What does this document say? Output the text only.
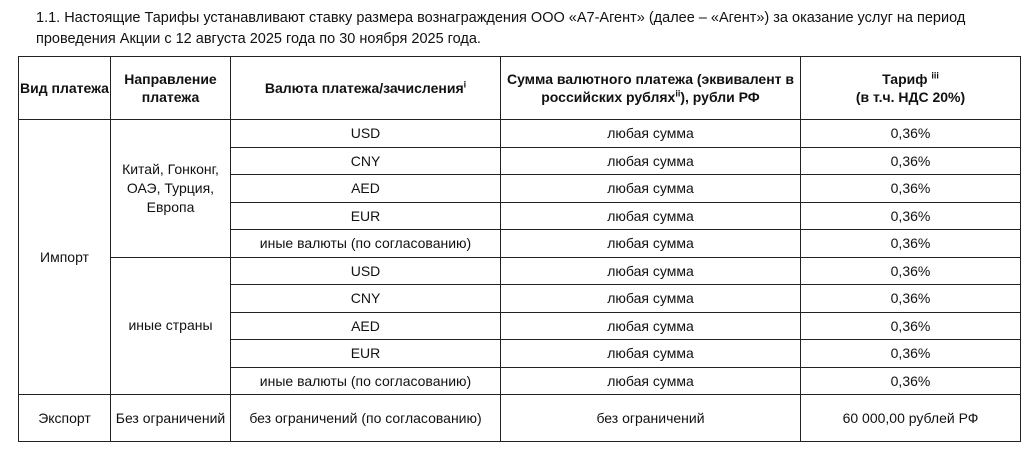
1.1. Настоящие Тарифы устанавливают ставку размера вознаграждения ООО «А7-Агент» (далее – «Агент») за оказание услуг на период проведения Акции с 12 августа 2025 года по 30 ноября 2025 года.
Вид платежа	Направление платежа	Валюта платежа/зачисления$^i$	Сумма валютного платежа (эквивалент в российских рублях$^{ii}$), рубли РФ	Тариф $^{iii}$
(в т.ч. НДС 20%)
Импорт	Китай, Гонконг, ОАЭ, Турция, Европа	USD	любая сумма	0,36%
		CNY	любая сумма	0,36%
		AED	любая сумма	0,36%
		EUR	любая сумма	0,36%
		иные валюты (по согласованию)	любая сумма	0,36%
	иные страны	USD	любая сумма	0,36%
		CNY	любая сумма	0,36%
		AED	любая сумма	0,36%
		EUR	любая сумма	0,36%
		иные валюты (по согласованию)	любая сумма	0,36%
Экспорт	Без ограничений	без ограничений (по согласованию)	без ограничений	60 000,00 рублей РФ
